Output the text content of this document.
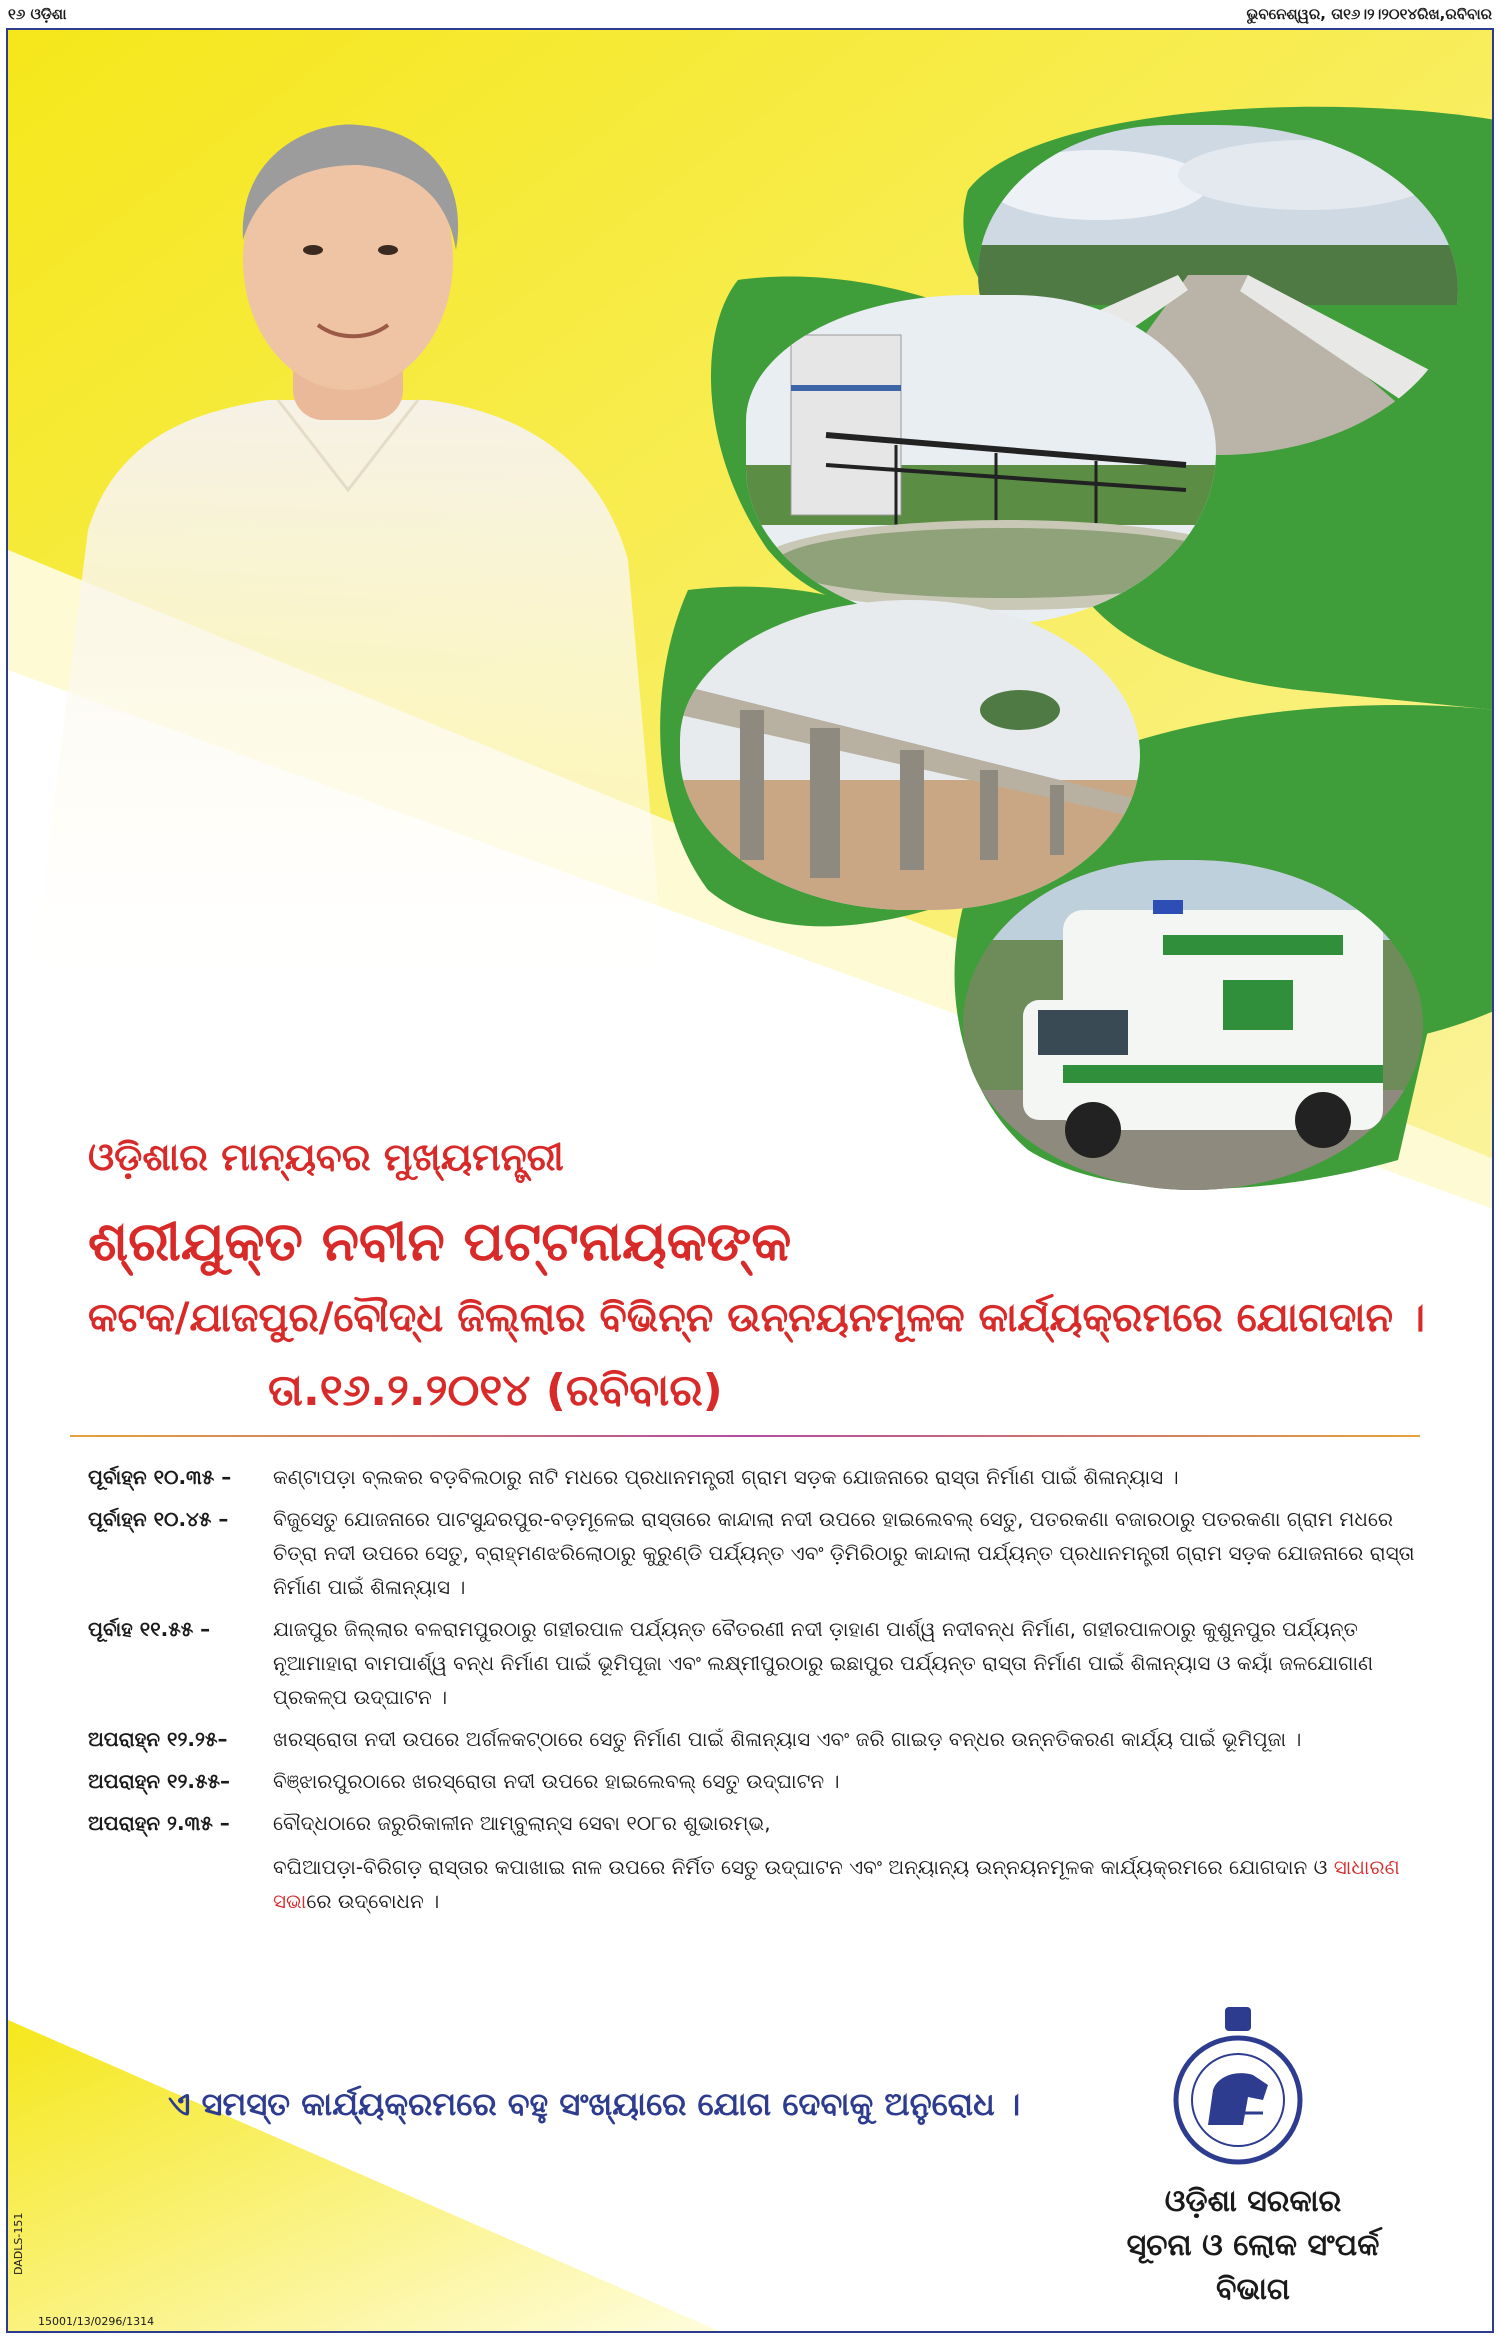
୧୬ ଓଡ଼ିଶା	ଭୁବନେଶ୍ୱର, ତା୧୬।୨।୨୦୧୪ରିଖ,ରବିବାର
ଓଡ଼ିଶାର ମାନ୍ୟବର ମୁଖ୍ୟମନ୍ତ୍ରୀ
ଶ୍ରୀଯୁକ୍ତ ନବୀନ ପଟ୍ଟନାୟକଙ୍କ
କଟକ/ଯାଜପୁର/ବୌଦ୍ଧ ଜିଲ୍ଲାର ବିଭିନ୍ନ ଉନ୍ନୟନମୂଳକ କାର୍ଯ୍ୟକ୍ରମରେ ଯୋଗଦାନ ।
ତା.୧୬.୨.୨୦୧୪ (ରବିବାର)
ପୂର୍ବାହ୍ନ ୧୦.୩୫ –	କଣ୍ଟାପଡ଼ା ବ୍ଲକର ବଡ଼ବିଲଠାରୁ ନାଟି ମଧରେ ପ୍ରଧାନମନ୍ତ୍ରୀ ଗ୍ରାମ ସଡ଼କ ଯୋଜନାରେ ରାସ୍ତା ନିର୍ମାଣ ପାଇଁ ଶିଳାନ୍ୟାସ ।
ପୂର୍ବାହ୍ନ ୧୦.୪୫ –	ବିଜୁସେତୁ ଯୋଜନାରେ ପାଟସୁନ୍ଦରପୁର-ବଡ଼ମୂଳେଇ ରାସ୍ତାରେ କାନ୍ଦାଲା ନଦୀ ଉପରେ ହାଇଲେବଲ୍ ସେତୁ, ପତରକଣା ବଜାରଠାରୁ ପତରକଣା ଗ୍ରାମ ମଧରେ ଚିତ୍ରା ନଦୀ ଉପରେ ସେତୁ, ବ୍ରାହ୍ମଣଝରିଲୋଠାରୁ କୁରୁଣ୍ଡି ପର୍ଯ୍ୟନ୍ତ ଏବଂ ଡ଼ିମିରିଠାରୁ କାନ୍ଦାଲା ପର୍ଯ୍ୟନ୍ତ ପ୍ରଧାନମନ୍ତ୍ରୀ ଗ୍ରାମ ସଡ଼କ ଯୋଜନାରେ ରାସ୍ତା ନିର୍ମାଣ ପାଇଁ ଶିଳାନ୍ୟାସ ।
ପୂର୍ବାହ ୧୧.୫୫ –	ଯାଜପୁର ଜିଲ୍ଲାର ବଳରାମପୁରଠାରୁ ଗହୀରପାଳ ପର୍ଯ୍ୟନ୍ତ ବୈତରଣୀ ନଦୀ ଡ଼ାହାଣ ପାର୍ଶ୍ୱ ନଦୀବନ୍ଧ ନିର୍ମାଣ, ଗହୀରପାଳଠାରୁ କୁଶୁନପୁର ପର୍ଯ୍ୟନ୍ତ ନୂଆମାହାରା ବାମପାର୍ଶ୍ୱ ବନ୍ଧ ନିର୍ମାଣ ପାଇଁ ଭୂମିପୂଜା ଏବଂ ଲକ୍ଷ୍ମୀପୁରଠାରୁ ଇଛାପୁର ପର୍ଯ୍ୟନ୍ତ ରାସ୍ତା ନିର୍ମାଣ ପାଇଁ ଶିଳାନ୍ୟାସ ଓ କୟାଁ ଜଳଯୋଗାଣ ପ୍ରକଳ୍ପ ଉଦ୍‌ଘାଟନ ।
ଅପରାହ୍ନ ୧୨.୨୫–	ଖରସ୍ରୋତା ନଦୀ ଉପରେ ଅର୍ଗଳକଟ୍ଠାରେ ସେତୁ ନିର୍ମାଣ ପାଇଁ ଶିଳାନ୍ୟାସ ଏବଂ ଜରି ଗାଇଡ଼ ବନ୍ଧର ଉନ୍ନତିକରଣ କାର୍ଯ୍ୟ ପାଇଁ ଭୂମିପୂଜା ।
ଅପରାହ୍ନ ୧୨.୫୫–	ବିଞ୍ଝାରପୁରଠାରେ ଖରସ୍ରୋତା ନଦୀ ଉପରେ ହାଇଲେବଲ୍ ସେତୁ ଉଦ୍‌ଘାଟନ ।
ଅପରାହ୍ନ ୨.୩୫ –	ବୌଦ୍ଧଠାରେ ଜରୁରିକାଳୀନ ଆମ୍ବୁଲାନ୍ସ ସେବା ୧୦୮ର ଶୁଭାରମ୍ଭ,
ବଘିଆପଡ଼ା-ବିରିଗଡ଼ ରାସ୍ତାର କପାଖାଇ ନାଳ ଉପରେ ନିର୍ମିତ ସେତୁ ଉଦ୍‌ଘାଟନ ଏବଂ ଅନ୍ୟାନ୍ୟ ଉନ୍ନୟନମୂଳକ କାର୍ଯ୍ୟକ୍ରମରେ ଯୋଗଦାନ ଓ ସାଧାରଣ ସଭାରେ ଉଦ୍‌ବୋଧନ ।
ଏ ସମସ୍ତ କାର୍ଯ୍ୟକ୍ରମରେ ବହୁ ସଂଖ୍ୟାରେ ଯୋଗ ଦେବାକୁ ଅନୁରୋଧ ।
ଓଡ଼ିଶା ସରକାର
ସୂଚନା ଓ ଲୋକ ସଂପର୍କ ବିଭାଗ
DADLS-151
15001/13/0296/1314
